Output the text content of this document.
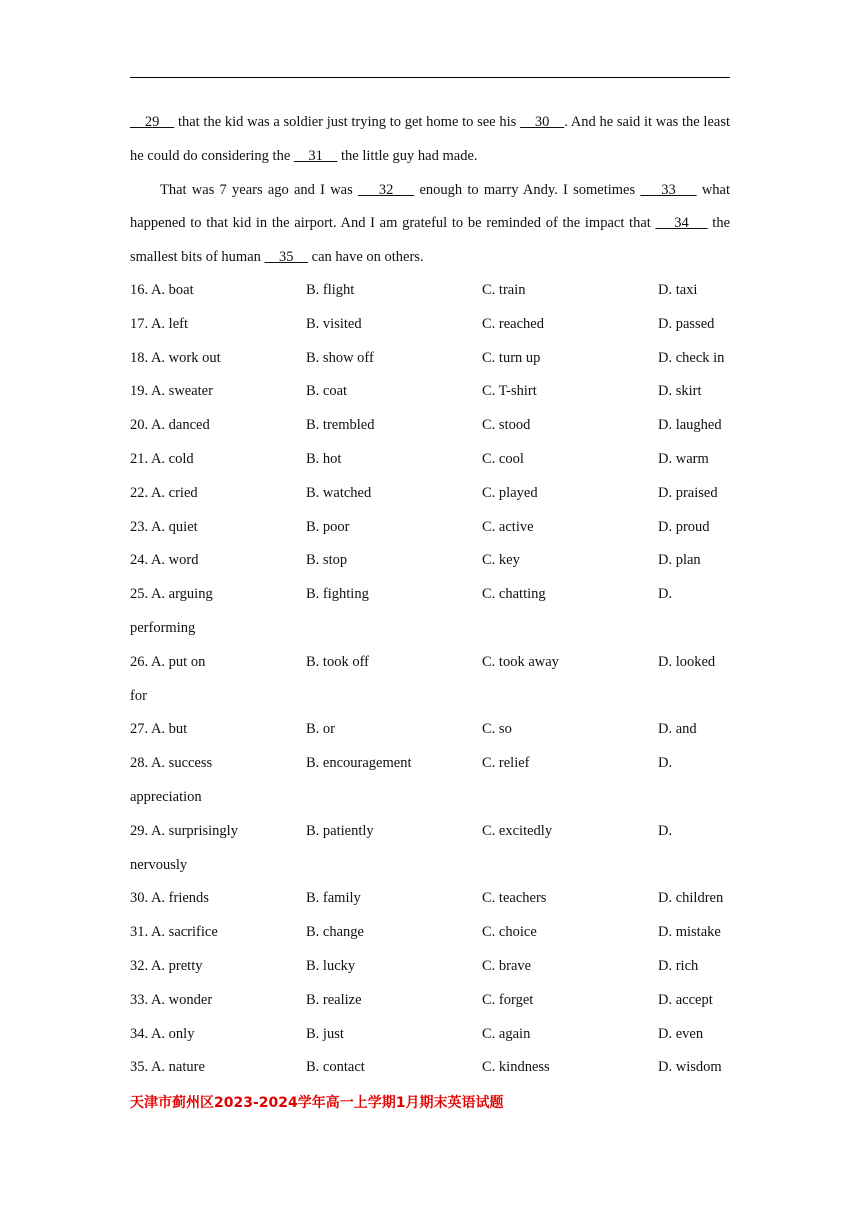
29     that the kid was a soldier just trying to get home to see his     30    . And he said it was the least he could do considering the     31     the little guy had made.

That was 7 years ago and I was     32     enough to marry Andy. I sometimes     33     what happened to that kid in the airport. And I am grateful to be reminded of the impact that     34     the smallest bits of human     35     can have on others.

16. A. boat	B. flight	C. train	D. taxi
17. A. left	B. visited	C. reached	D. passed
18. A. work out	B. show off	C. turn up	D. check in
19. A. sweater	B. coat	C. T-shirt	D. skirt
20. A. danced	B. trembled	C. stood	D. laughed
21. A. cold	B. hot	C. cool	D. warm
22. A. cried	B. watched	C. played	D. praised
23. A. quiet	B. poor	C. active	D. proud
24. A. word	B. stop	C. key	D. plan
25. A. arguing	B. fighting	C. chatting	D.
performing
26. A. put on	B. took off	C. took away	D. looked
for
27. A. but	B. or	C. so	D. and
28. A. success	B. encouragement	C. relief	D.
appreciation
29. A. surprisingly	B. patiently	C. excitedly	D.
nervously
30. A. friends	B. family	C. teachers	D. children
31. A. sacrifice	B. change	C. choice	D. mistake
32. A. pretty	B. lucky	C. brave	D. rich
33. A. wonder	B. realize	C. forget	D. accept
34. A. only	B. just	C. again	D. even
35. A. nature	B. contact	C. kindness	D. wisdom
天津市蓟州区2023-2024学年高一上学期1月期末英语试题
